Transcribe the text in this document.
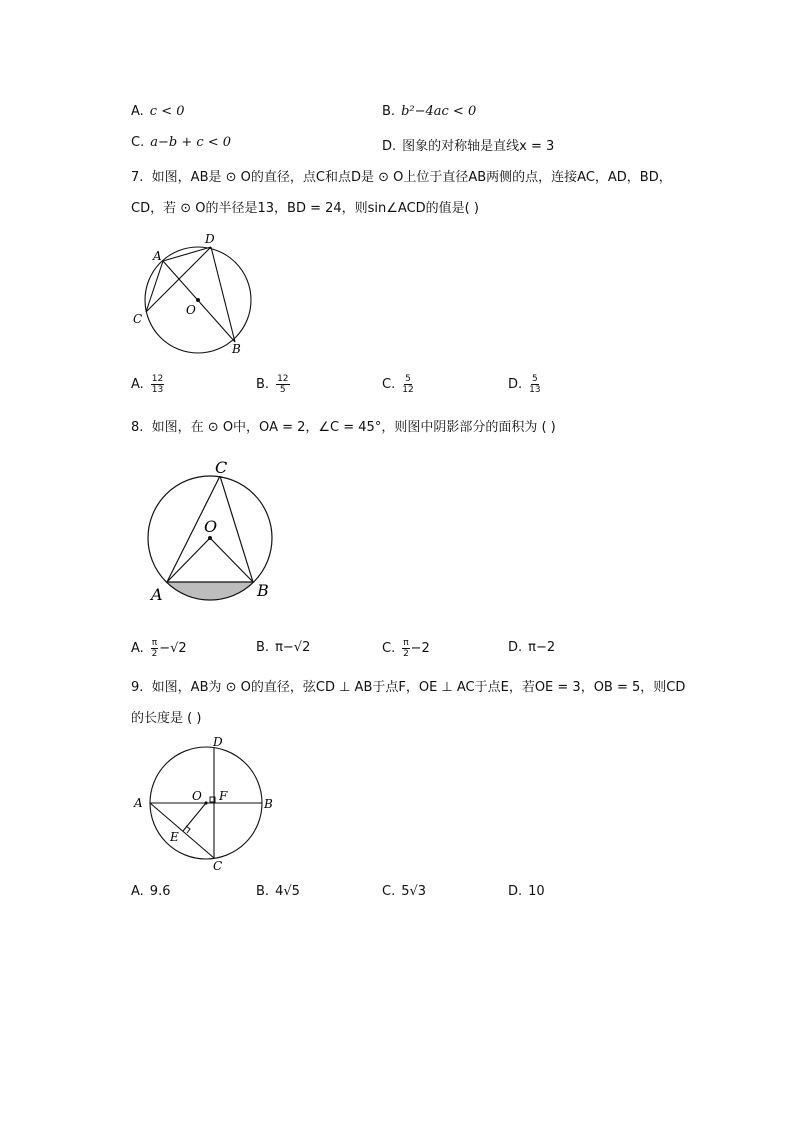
A. c < 0	B. b²−4ac < 0
C. a−b + c < 0	D. 图象的对称轴是直线x = 3
7. 如图，AB是 ⊙ O的直径，点C和点D是 ⊙ O上位于直径AB两侧的点，连接AC，AD，BD，
CD，若 ⊙ O的半径是13，BD = 24，则sin∠ACD的值是( )
A
D
C
O
B
A. $\frac{12}{13}$	B. $\frac{12}{5}$	C. $\frac{5}{12}$	D. $\frac{5}{13}$
8. 如图，在 ⊙ O中，OA = 2，∠C = 45°，则图中阴影部分的面积为 ( )
C
O
A	B
A. $\frac{\pi}{2} -√2$	B. π−√2	C. $\frac{\pi}{2} -2$	D. π−2
9. 如图，AB为 ⊙ O的直径，弦CD ⊥ AB于点F，OE ⊥ AC于点E，若OE = 3，OB = 5，则CD
的长度是 ( )
A	B
D
C
O F
E
A. 9.6	B. 4√5	C. 5√3	D. 10
